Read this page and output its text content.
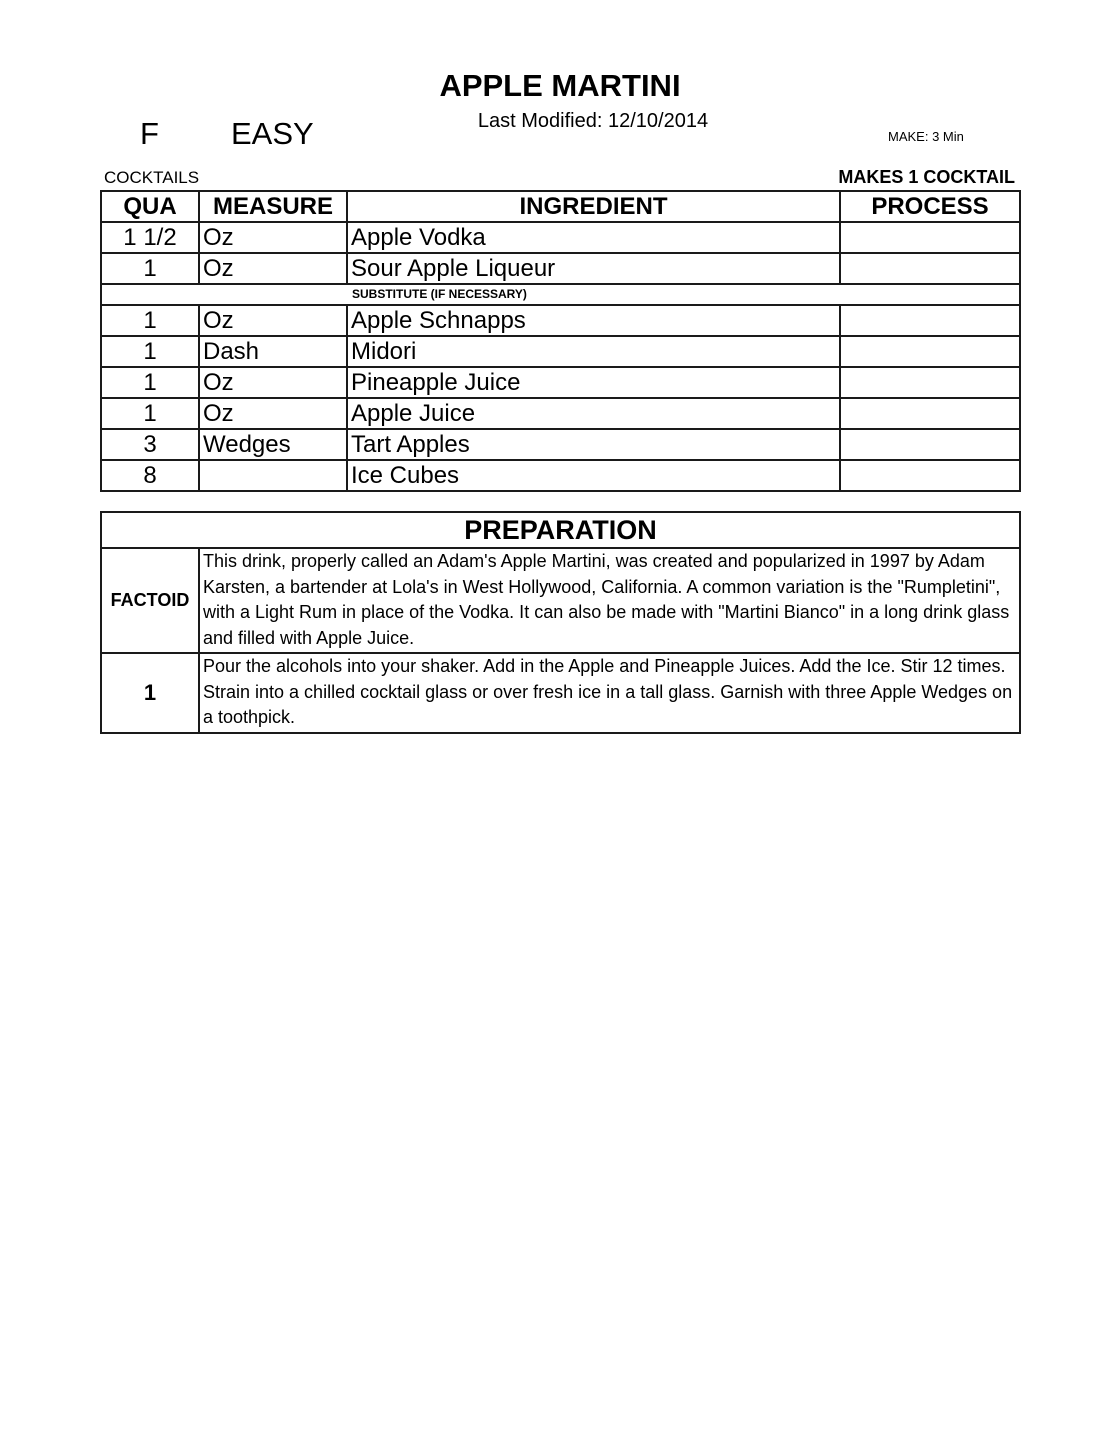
APPLE MARTINI
Last Modified: 12/10/2014
F EASY	MAKE: 3 Min
COCKTAILS	MAKES 1 COCKTAIL
QUA	MEASURE	INGREDIENT	PROCESS
1 1/2	Oz	Apple Vodka	
1	Oz	Sour Apple Liqueur	
SUBSTITUTE (IF NECESSARY)			
1	Oz	Apple Schnapps	
1	Dash	Midori	
1	Oz	Pineapple Juice	
1	Oz	Apple Juice	
3	Wedges	Tart Apples	
8		Ice Cubes	
PREPARATION	
FACTOID	This drink, properly called an Adam's Apple Martini, was created and popularized in 1997 by Adam Karsten, a bartender at Lola's in West Hollywood, California. A common variation is the "Rumpletini", with a Light Rum in place of the Vodka. It can also be made with "Martini Bianco" in a long drink glass and filled with Apple Juice.
1	Pour the alcohols into your shaker. Add in the Apple and Pineapple Juices. Add the Ice. Stir 12 times. Strain into a chilled cocktail glass or over fresh ice in a tall glass. Garnish with three Apple Wedges on a toothpick.
